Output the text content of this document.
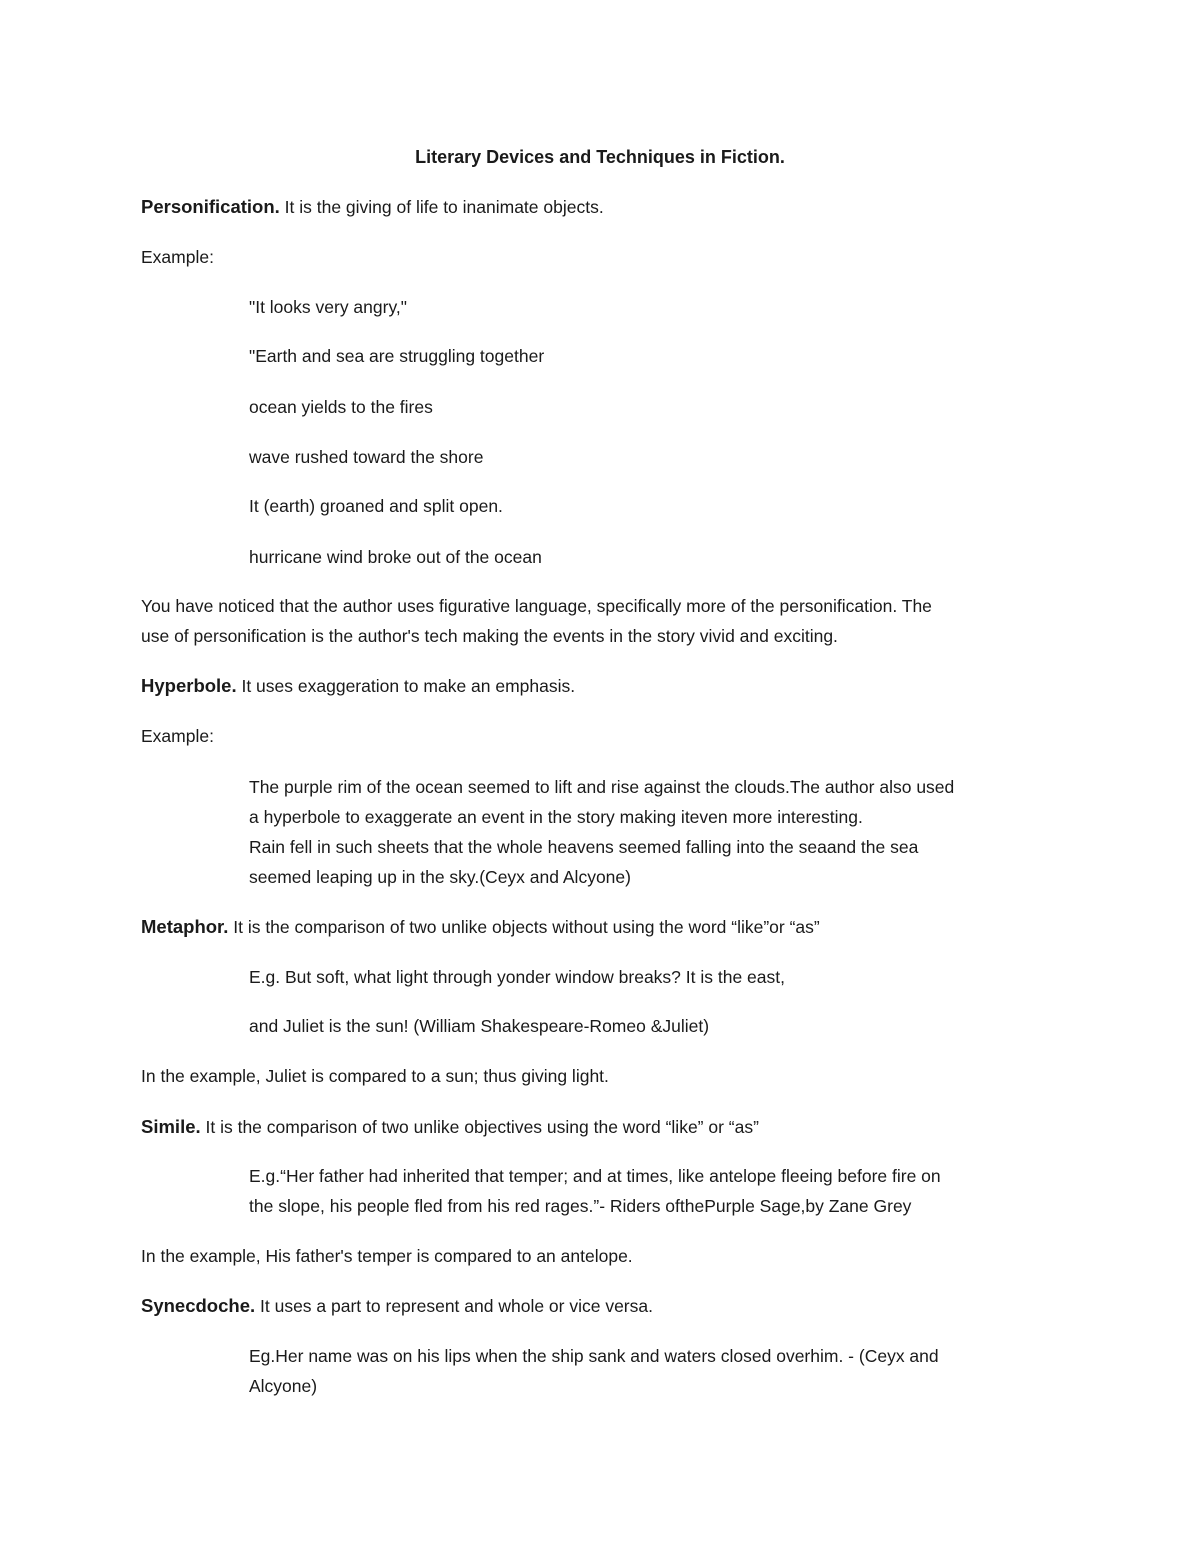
Literary Devices and Techniques in Fiction.
Personification. It is the giving of life to inanimate objects.
Example:
"It looks very angry,"
"Earth and sea are struggling together
ocean yields to the fires
wave rushed toward the shore
It (earth) groaned and split open.
hurricane wind broke out of the ocean
You have noticed that the author uses figurative language, specifically more of the personification. The
use of personification is the author's tech making the events in the story vivid and exciting.
Hyperbole. It uses exaggeration to make an emphasis.
Example:
The purple rim of the ocean seemed to lift and rise against the clouds.The author also used
a hyperbole to exaggerate an event in the story making iteven more interesting.
Rain fell in such sheets that the whole heavens seemed falling into the seaand the sea
seemed leaping up in the sky.(Ceyx and Alcyone)
Metaphor. It is the comparison of two unlike objects without using the word “like”or “as”
E.g. But soft, what light through yonder window breaks? It is the east,
and Juliet is the sun! (William Shakespeare-Romeo &Juliet)
In the example, Juliet is compared to a sun; thus giving light.
Simile. It is the comparison of two unlike objectives using the word “like” or “as”
E.g.“Her father had inherited that temper; and at times, like antelope fleeing before fire on
the slope, his people fled from his red rages.”- Riders ofthePurple Sage,by Zane Grey
In the example, His father's temper is compared to an antelope.
Synecdoche. It uses a part to represent and whole or vice versa.
Eg.Her name was on his lips when the ship sank and waters closed overhim. - (Ceyx and
Alcyone)
